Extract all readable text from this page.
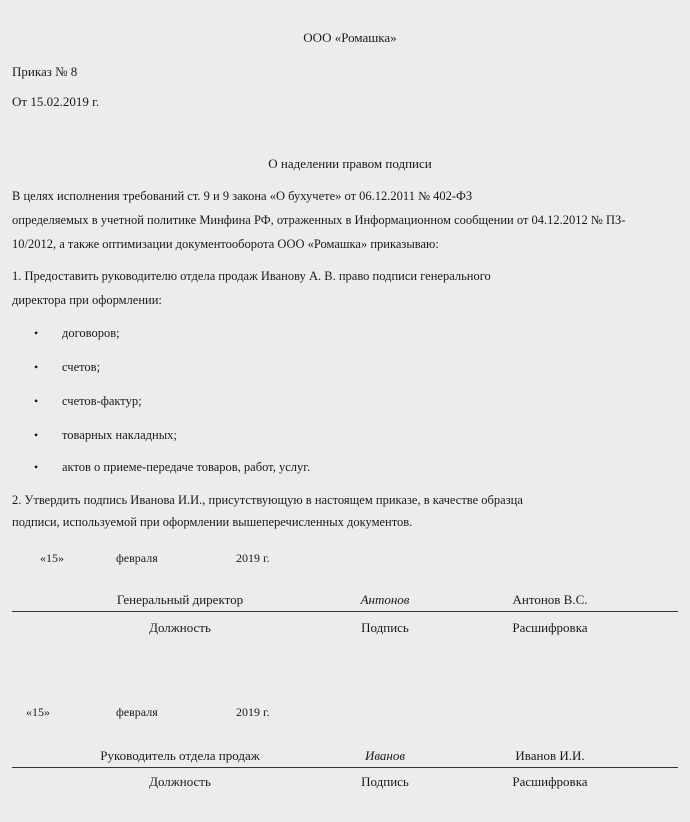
ООО «Ромашка»
Приказ № 8
От 15.02.2019 г.
О наделении правом подписи
В целях исполнения требований ст. 9 и 9 закона «О бухучете» от 06.12.2011 № 402-ФЗ
определяемых в учетной политике Минфина РФ, отраженных в Информационном сообщении от 04.12.2012 № ПЗ-
10/2012, а также оптимизации документооборота ООО «Ромашка» приказываю:
1. Предоставить руководителю отдела продаж Иванову А. В. право подписи генерального
директора при оформлении:
• договоров;
• счетов;
• счетов-фактур;
• товарных накладных;
• актов о приеме-передаче товаров, работ, услуг.
2. Утвердить подпись Иванова И.И., присутствующую в настоящем приказе, в качестве образца
подписи, используемой при оформлении вышеперечисленных документов.
«15»	февраля	2019 г.
Генеральный директор	Антонов	Антонов В.С.
Должность	Подпись	Расшифровка
«15»	февраля	2019 г.
Руководитель отдела продаж	Иванов	Иванов И.И.
Должность	Подпись	Расшифровка
